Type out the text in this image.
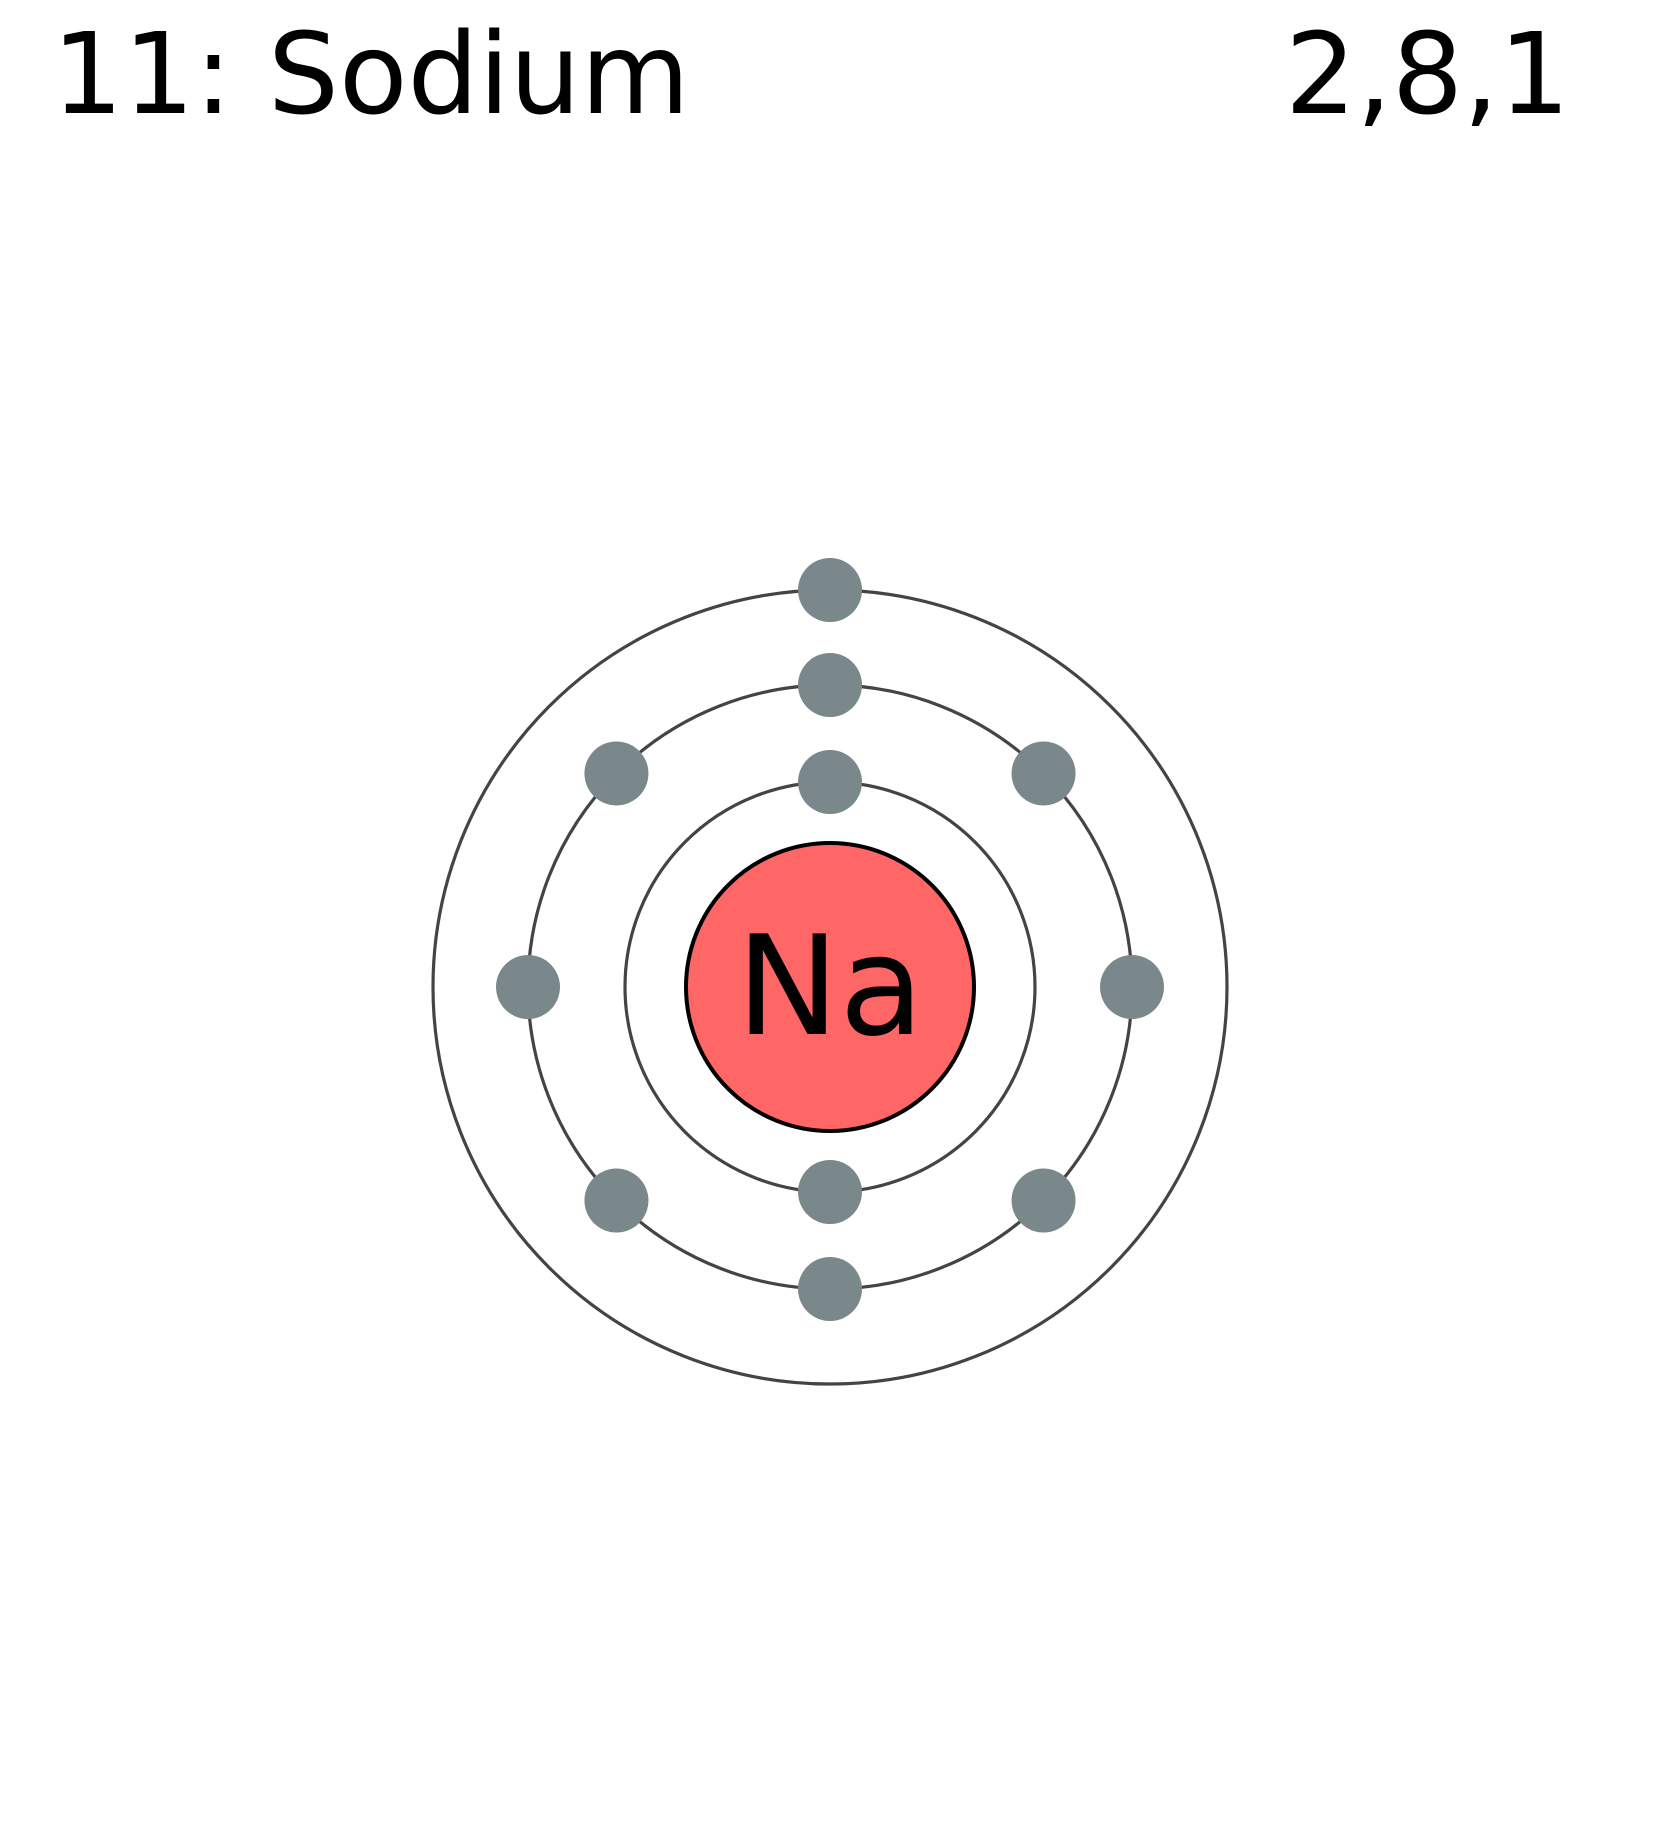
11: Sodium	2,8,1
Na
